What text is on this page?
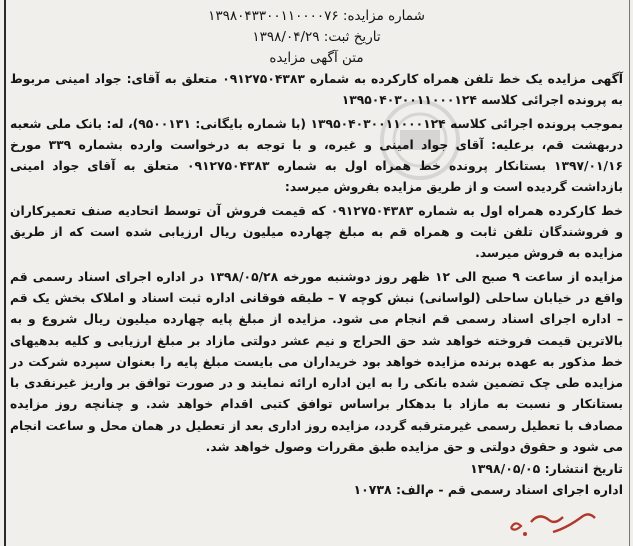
شماره مزایده: ۱۳۹۸۰۴۳۳۰۰۱۱۰۰۰۰۷۶
تاریخ ثبت: ۱۳۹۸/۰۴/۲۹
متن آگهی مزایده

آگهی مزایده یک خط تلفن همراه کارکرده به شماره ۰۹۱۲۷۵۰۴۳۸۳ متعلق به آقای: جواد امینی مربوط به پرونده اجرائی کلاسه ۱۳۹۵۰۴۰۳۰۰۱۱۰۰۰۱۲۴

بموجب پرونده اجرائی کلاسه ۱۳۹۵۰۴۰۳۰۰۱۱۰۰۰۱۲۴ (با شماره بایگانی: ۹۵۰۰۱۳۱)، له: بانک ملی شعبه دربهشت قم، برعلیه: آقای جواد امینی و غیره، و با توجه به درخواست وارده بشماره ۳۳۹ مورخ ۱۳۹۷/۰۱/۱۶ بستانکار پرونده خط همراه اول به شماره ۰۹۱۲۷۵۰۴۳۸۳ متعلق به آقای جواد امینی بازداشت گردیده است و از طریق مزایده بفروش میرسد:

خط کارکرده همراه اول به شماره ۰۹۱۲۷۵۰۴۳۸۳ که قیمت فروش آن توسط اتحادیه صنف تعمیرکاران و فروشندگان تلفن ثابت و همراه قم به مبلغ چهارده میلیون ریال ارزیابی شده است که از طریق مزایده به فروش میرسد.

مزایده از ساعت ۹ صبح الی ۱۲ ظهر روز دوشنبه مورخه ۱۳۹۸/۰۵/۲۸ در اداره اجرای اسناد رسمی قم واقع در خیابان ساحلی (لواسانی) نبش کوچه ۷ – طبقه فوقانی اداره ثبت اسناد و املاک بخش یک قم – اداره اجرای اسناد رسمی قم انجام می شود. مزایده از مبلغ پایه چهارده میلیون ریال شروع و به بالاترین قیمت فروخته خواهد شد حق الحراج و نیم عشر دولتی مازاد بر مبلغ ارزیابی و کلیه بدهیهای خط مذکور به عهده برنده مزایده خواهد بود خریداران می بایست مبلغ پایه را بعنوان سپرده شرکت در مزایده طی چک تضمین شده بانکی را به این اداره ارائه نمایند و در صورت توافق بر واریز غیرنقدی با بستانکار و نسبت به مازاد با بدهکار براساس توافق کتبی اقدام خواهد شد. و چنانچه روز مزایده مصادف با تعطیل رسمی غیرمترقبه گردد، مزایده روز اداری بعد از تعطیل در همان محل و ساعت انجام می شود و حقوق دولتی و حق مزایده طبق مقررات وصول خواهد شد.

تاریخ انتشار: ۱۳۹۸/۰۵/۰۵
اداره اجرای اسناد رسمی قم - م‌الف: ۱۰۷۳۸
